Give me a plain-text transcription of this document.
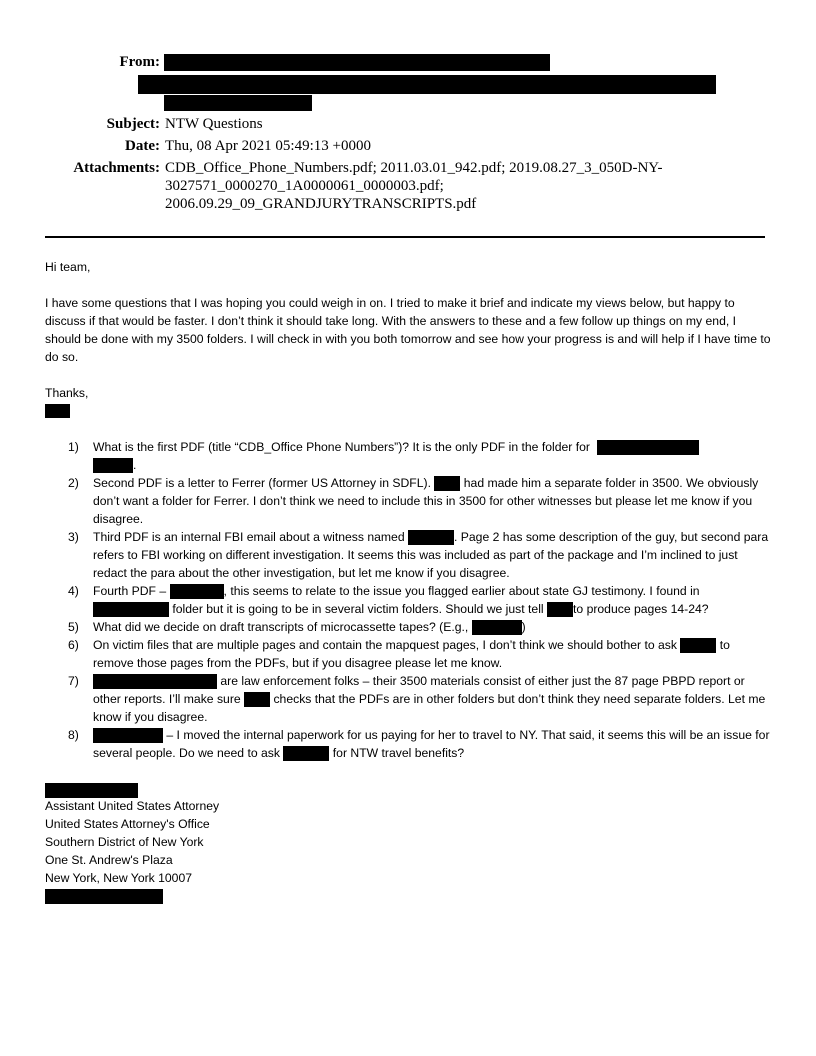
From:
Subject: NTW Questions
Date: Thu, 08 Apr 2021 05:49:13 +0000
Attachments: CDB_Office_Phone_Numbers.pdf; 2011.03.01_942.pdf; 2019.08.27_3_050D-NY-
3027571_0000270_1A0000061_0000003.pdf;
2006.09.29_09_GRANDJURYTRANSCRIPTS.pdf
Hi team,
I have some questions that I was hoping you could weigh in on. I tried to make it brief and indicate my views below, but happy to discuss if that would be faster. I don’t think it should take long. With the answers to these and a few follow up things on my end, I should be done with my 3500 folders. I will check in with you both tomorrow and see how your progress is and will help if I have time to do so.
Thanks,
1) What is the first PDF (title “CDB_Office Phone Numbers”)? It is the only PDF in the folder for
.
2) Second PDF is a letter to Ferrer (former US Attorney in SDFL).	had made him a separate folder in 3500. We obviously don’t want a folder for Ferrer. I don’t think we need to include this in 3500 for other witnesses but please let me know if you disagree.
3) Third PDF is an internal FBI email about a witness named	. Page 2 has some description of the guy, but second para refers to FBI working on different investigation. It seems this was included as part of the package and I’m inclined to just redact the para about the other investigation, but let me know if you disagree.
4) Fourth PDF –	, this seems to relate to the issue you flagged earlier about state GJ testimony. I found in
folder but it is going to be in several victim folders. Should we just tell to produce pages 14-24?
5) What did we decide on draft transcripts of microcassette tapes? (E.g.,	)
6) On victim files that are multiple pages and contain the mapquest pages, I don’t think we should bother to ask	to remove those pages from the PDFs, but if you disagree please let me know.
7)	are law enforcement folks – their 3500 materials consist of either just the 87 page PBPD report or other reports. I’ll make sure	checks that the PDFs are in other folders but don’t think they need separate folders. Let me know if you disagree.
8)	– I moved the internal paperwork for us paying for her to travel to NY. That said, it seems this will be an issue for several people. Do we need to ask	for NTW travel benefits?
Assistant United States Attorney
United States Attorney's Office
Southern District of New York
One St. Andrew's Plaza
New York, New York 10007
